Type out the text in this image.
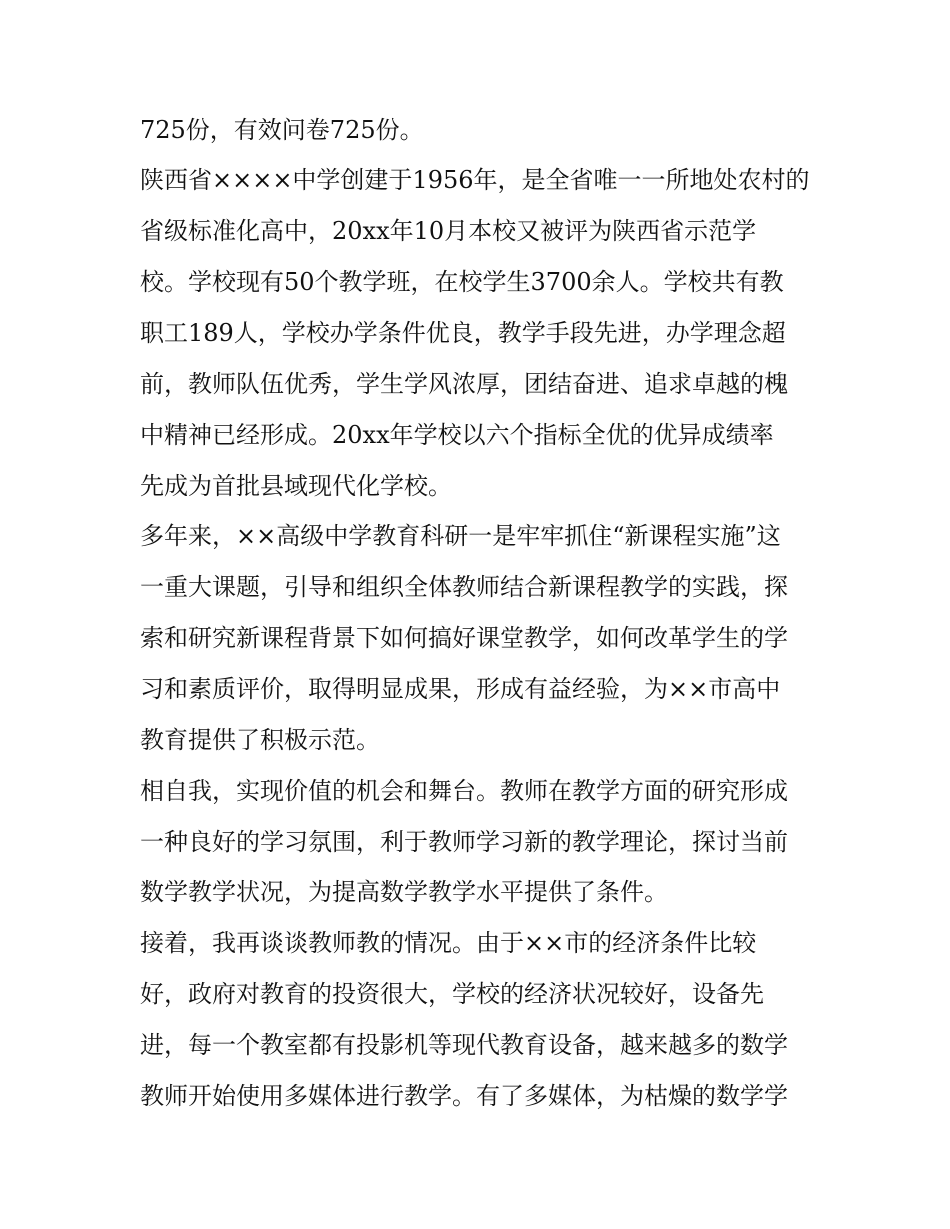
725份，有效问卷725份。
陕西省××××中学创建于1956年，是全省唯一一所地处农村的
省级标准化高中，20xx年10月本校又被评为陕西省示范学
校。学校现有50个教学班，在校学生3700余人。学校共有教
职工189人，学校办学条件优良，教学手段先进，办学理念超
前，教师队伍优秀，学生学风浓厚，团结奋进、追求卓越的槐
中精神已经形成。20xx年学校以六个指标全优的优异成绩率
先成为首批县域现代化学校。
多年来，××高级中学教育科研一是牢牢抓住“新课程实施”这
一重大课题，引导和组织全体教师结合新课程教学的实践，探
索和研究新课程背景下如何搞好课堂教学，如何改革学生的学
习和素质评价，取得明显成果，形成有益经验，为××市高中
教育提供了积极示范。
相自我，实现价值的机会和舞台。教师在教学方面的研究形成
一种良好的学习氛围，利于教师学习新的教学理论，探讨当前
数学教学状况，为提高数学教学水平提供了条件。
接着，我再谈谈教师教的情况。由于××市的经济条件比较
好，政府对教育的投资很大，学校的经济状况较好，设备先
进，每一个教室都有投影机等现代教育设备，越来越多的数学
教师开始使用多媒体进行教学。有了多媒体，为枯燥的数学学
